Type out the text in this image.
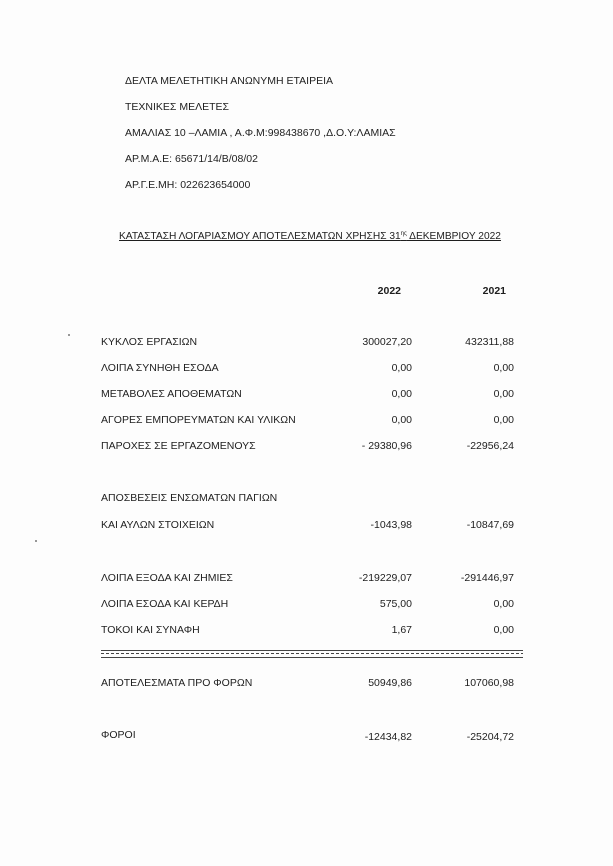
ΔΕΛΤΑ ΜΕΛΕΤΗΤΙΚΗ ΑΝΩΝΥΜΗ ΕΤΑΙΡΕΙΑ
ΤΕΧΝΙΚΕΣ ΜΕΛΕΤΕΣ
ΑΜΑΛΙΑΣ 10 –ΛΑΜΙΑ , Α.Φ.Μ:998438670 ,Δ.Ο.Υ:ΛΑΜΙΑΣ
ΑΡ.Μ.Α.Ε: 65671/14/Β/08/02
ΑΡ.Γ.Ε.ΜΗ: 022623654000
ΚΑΤΑΣΤΑΣΗ ΛΟΓΑΡΙΑΣΜΟΥ ΑΠΟΤΕΛΕΣΜΑΤΩΝ ΧΡΗΣΗΣ $31^{\eta\varsigma}$ ΔΕΚΕΜΒΡΙΟΥ 2022
2022	2021
ΚΥΚΛΟΣ ΕΡΓΑΣΙΩΝ	300027,20	432311,88
ΛΟΙΠΑ ΣΥΝΗΘΗ ΕΣΟΔΑ	0,00	0,00
ΜΕΤΑΒΟΛΕΣ ΑΠΟΘΕΜΑΤΩΝ	0,00	0,00
ΑΓΟΡΕΣ ΕΜΠΟΡΕΥΜΑΤΩΝ ΚΑΙ ΥΛΙΚΩΝ	0,00	0,00
ΠΑΡΟΧΕΣ ΣΕ ΕΡΓΑΖΟΜΕΝΟΥΣ	- 29380,96	-22956,24
ΑΠΟΣΒΕΣΕΙΣ ΕΝΣΩΜΑΤΩΝ ΠΑΓΙΩΝ
ΚΑΙ ΑΥΛΩΝ ΣΤΟΙΧΕΙΩΝ	-1043,98	-10847,69
ΛΟΙΠΑ ΕΞΟΔΑ ΚΑΙ ΖΗΜΙΕΣ	-219229,07	-291446,97
ΛΟΙΠΑ ΕΣΟΔΑ ΚΑΙ ΚΕΡΔΗ	575,00	0,00
ΤΟΚΟΙ ΚΑΙ ΣΥΝΑΦΗ	1,67	0,00
ΑΠΟΤΕΛΕΣΜΑΤΑ ΠΡΟ ΦΟΡΩΝ	50949,86	107060,98
ΦΟΡΟΙ	-12434,82	-25204,72
